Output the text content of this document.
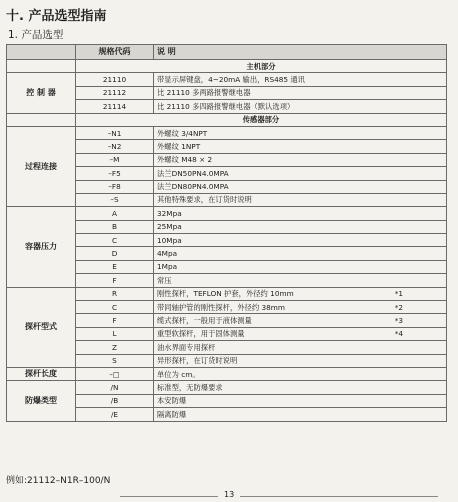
十. 产品选型指南
1. 产品选型
	规格代码	说 明
	主机部分	
控 制 器	21110	带显示屏键盘，4~20mA 输出，RS485 通讯
	21112	比 21110 多两路报警继电器
	21114	比 21110 多四路报警继电器（默认选项）
	传感器部分	
过程连接	–N1	外螺纹 3/4NPT
	–N2	外螺纹 1NPT
	–M	外螺纹 M48 × 2
	–F5	法兰DN50PN4.0MPA
	–F8	法兰DN80PN4.0MPA
	–S	其他特殊要求，在订货时说明
容器压力	A	32Mpa
	B	25Mpa
	C	10Mpa
	D	4Mpa
	E	1Mpa
	F	常压
探杆型式	R	刚性探杆，TEFLON 护套，外径约 10mm *1

	C	带同轴护管的刚性探杆，外径约 38mm *2

	F	缆式探杆，一般用于液体测量 *3

	L	重型软探杆，用于固体测量 *4

	Z	油水界面专用探杆
	S	异形探杆，在订货时说明
探杆长度	–□	单位为 cm。
防爆类型	/N	标准型，无防爆要求
	/B	本安防爆
	/E	隔离防爆
例如:21112–N1R–100/N
13
